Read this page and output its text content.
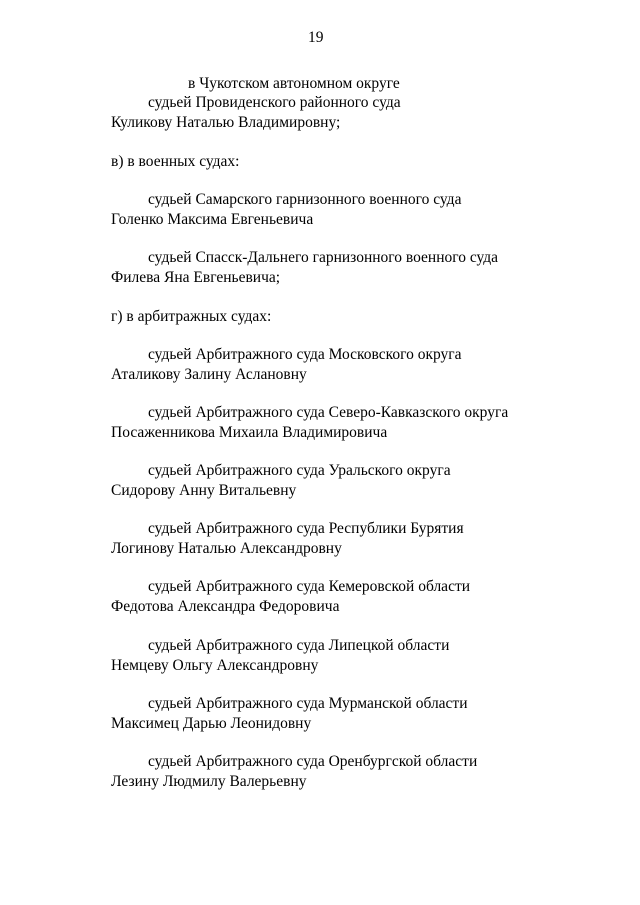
19
в Чукотском автономном округе
судьей Провиденского районного суда
Куликову Наталью Владимировну;
в) в военных судах:
судьей Самарского гарнизонного военного суда
Голенко Максима Евгеньевича
судьей Спасск-Дальнего гарнизонного военного суда
Филева Яна Евгеньевича;
г) в арбитражных судах:
судьей Арбитражного суда Московского округа
Аталикову Залину Аслановну
судьей Арбитражного суда Северо-Кавказского округа
Посаженникова Михаила Владимировича
судьей Арбитражного суда Уральского округа
Сидорову Анну Витальевну
судьей Арбитражного суда Республики Бурятия
Логинову Наталью Александровну
судьей Арбитражного суда Кемеровской области
Федотова Александра Федоровича
судьей Арбитражного суда Липецкой области
Немцеву Ольгу Александровну
судьей Арбитражного суда Мурманской области
Максимец Дарью Леонидовну
судьей Арбитражного суда Оренбургской области
Лезину Людмилу Валерьевну
